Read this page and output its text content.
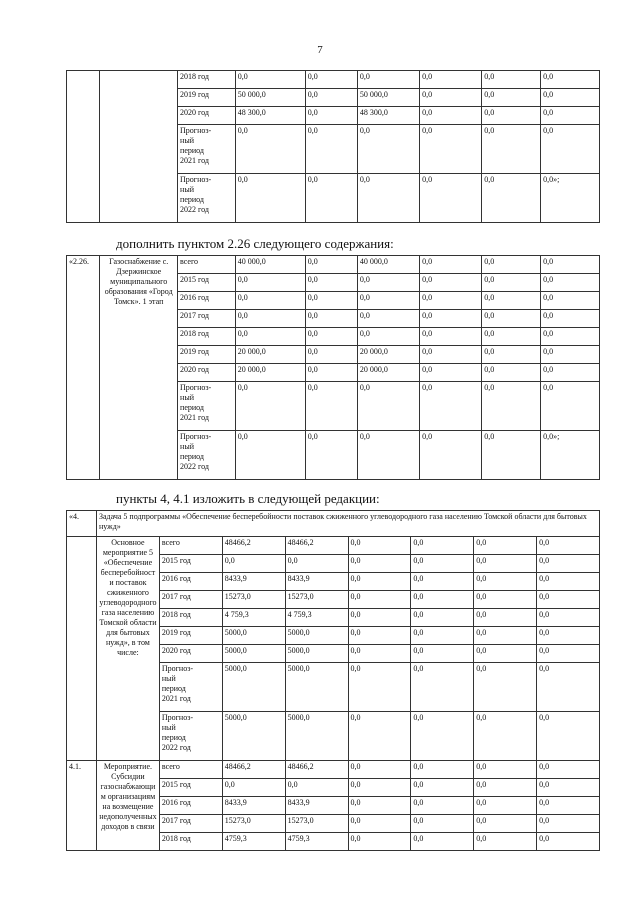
7
		2018 год	0,0	0,0	0,0	0,0	0,0	0,0
		2019 год	50 000,0	0,0	50 000,0	0,0	0,0	0,0
		2020 год	48 300,0	0,0	48 300,0	0,0	0,0	0,0
		Прогноз-
ный
период
2021 год	0,0	0,0	0,0	0,0	0,0	0,0
		Прогноз-
ный
период
2022 год	0,0	0,0	0,0	0,0	0,0	0,0»;
дополнить пунктом 2.26 следующего содержания:
«2.26.	Газоснабжение с. Дзержинское муниципального образования «Город Томск». 1 этап	всего	40 000,0	0,0	40 000,0	0,0	0,0	0,0
		2015 год	0,0	0,0	0,0	0,0	0,0	0,0
		2016 год	0,0	0,0	0,0	0,0	0,0	0,0
		2017 год	0,0	0,0	0,0	0,0	0,0	0,0
		2018 год	0,0	0,0	0,0	0,0	0,0	0,0
		2019 год	20 000,0	0,0	20 000,0	0,0	0,0	0,0
		2020 год	20 000,0	0,0	20 000,0	0,0	0,0	0,0
		Прогноз-
ный
период
2021 год	0,0	0,0	0,0	0,0	0,0	0,0
		Прогноз-
ный
период
2022 год	0,0	0,0	0,0	0,0	0,0	0,0»;
пункты 4, 4.1 изложить в следующей редакции:
«4.	Задача 5 подпрограммы «Обеспечение бесперебойности поставок сжиженного углеводородного газа населению Томской области для бытовых нужд»							
	Основное мероприятие 5 «Обеспечение бесперебойности поставок сжиженного углеводородного газа населению Томской области для бытовых нужд», в том числе:	всего	48466,2	48466,2	0,0	0,0	0,0	0,0
		2015 год	0,0	0,0	0,0	0,0	0,0	0,0
		2016 год	8433,9	8433,9	0,0	0,0	0,0	0,0
		2017 год	15273,0	15273,0	0,0	0,0	0,0	0,0
		2018 год	4 759,3	4 759,3	0,0	0,0	0,0	0,0
		2019 год	5000,0	5000,0	0,0	0,0	0,0	0,0
		2020 год	5000,0	5000,0	0,0	0,0	0,0	0,0
		Прогноз-
ный
период
2021 год	5000,0	5000,0	0,0	0,0	0,0	0,0
		Прогноз-
ный
период
2022 год	5000,0	5000,0	0,0	0,0	0,0	0,0
4.1.	Мероприятие. Субсидии газоснабжающим организациям на возмещение недополученных доходов в связи	всего	48466,2	48466,2	0,0	0,0	0,0	0,0
		2015 год	0,0	0,0	0,0	0,0	0,0	0,0
		2016 год	8433,9	8433,9	0,0	0,0	0,0	0,0
		2017 год	15273,0	15273,0	0,0	0,0	0,0	0,0
		2018 год	4759,3	4759,3	0,0	0,0	0,0	0,0
